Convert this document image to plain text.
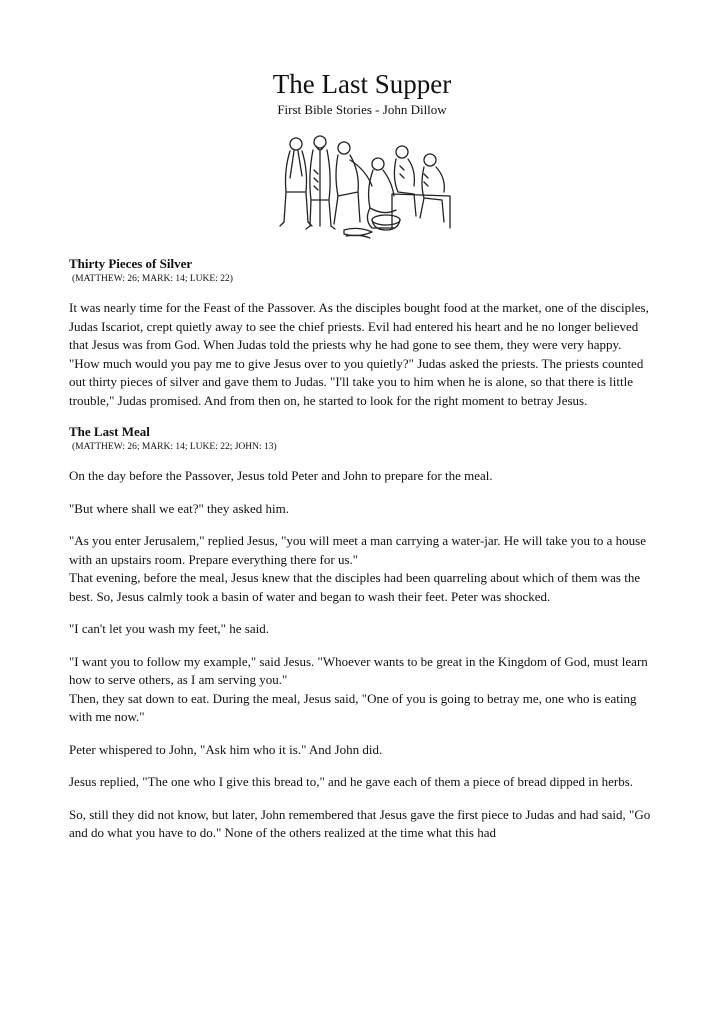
The Last Supper
First Bible Stories - John Dillow

Thirty Pieces of Silver

(MATTHEW: 26; MARK: 14; LUKE: 22)

It was nearly time for the Feast of the Passover. As the disciples bought food at the market, one of the disciples, Judas Iscariot, crept quietly away to see the chief priests. Evil had entered his heart and he no longer believed that Jesus was from God. When Judas told the priests why he had gone to see them, they were very happy.

"How much would you pay me to give Jesus over to you quietly?" Judas asked the priests. The priests counted out thirty pieces of silver and gave them to Judas. "I'll take you to him when he is alone, so that there is little trouble," Judas promised. And from then on, he started to look for the right moment to betray Jesus.

The Last Meal

(MATTHEW: 26; MARK: 14; LUKE: 22; JOHN: 13)

On the day before the Passover, Jesus told Peter and John to prepare for the meal.

"But where shall we eat?" they asked him.

"As you enter Jerusalem," replied Jesus, "you will meet a man carrying a water-jar. He will take you to a house with an upstairs room. Prepare everything there for us."

That evening, before the meal, Jesus knew that the disciples had been quarreling about which of them was the best. So, Jesus calmly took a basin of water and began to wash their feet. Peter was shocked.

"I can't let you wash my feet," he said.

"I want you to follow my example," said Jesus. "Whoever wants to be great in the Kingdom of God, must learn how to serve others, as I am serving you."

Then, they sat down to eat. During the meal, Jesus said, "One of you is going to betray me, one who is eating with me now."

Peter whispered to John, "Ask him who it is." And John did.

Jesus replied, "The one who I give this bread to," and he gave each of them a piece of bread dipped in herbs.

So, still they did not know, but later, John remembered that Jesus gave the first piece to Judas and had said, "Go and do what you have to do." None of the others realized at the time what this had
